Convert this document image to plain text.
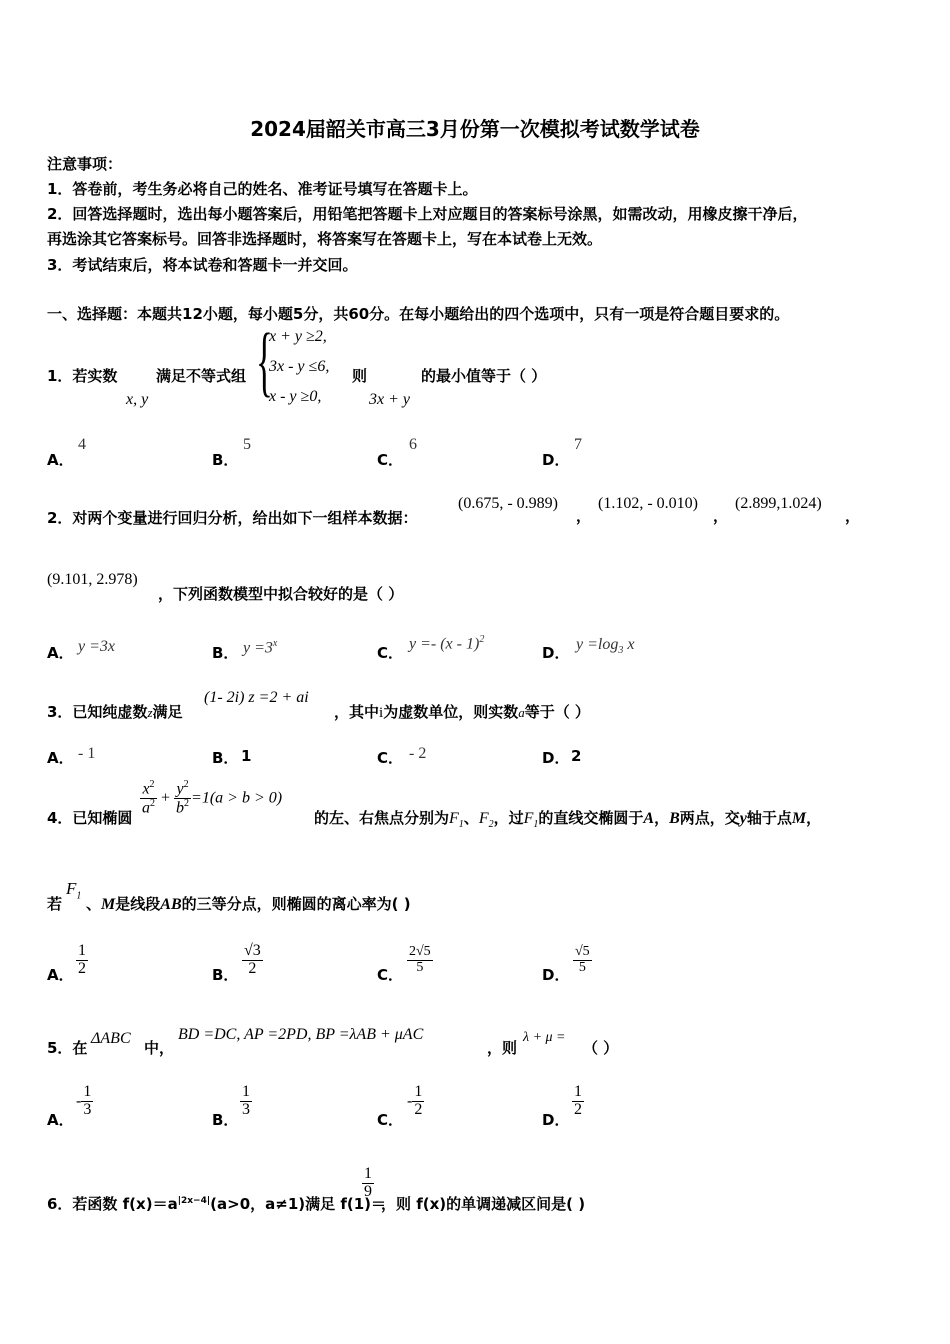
2024届韶关市高三3月份第一次模拟考试数学试卷
注意事项：
1．答卷前，考生务必将自己的姓名、准考证号填写在答题卡上。
2．回答选择题时，选出每小题答案后，用铅笔把答题卡上对应题目的答案标号涂黑，如需改动，用橡皮擦干净后，
再选涂其它答案标号。回答非选择题时，将答案写在答题卡上，写在本试卷上无效。
3．考试结束后，将本试卷和答题卡一并交回。
一、选择题：本题共12小题，每小题5分，共60分。在每小题给出的四个选项中，只有一项是符合题目要求的。
1．若实数
x, y
满足不等式组 {
x + y ≥2,
3x - y ≤6,
x - y ≥0,
则
3x + y
的最小值等于（ ）
A．
4
B．
5
C．
6
D．
7
2．对两个变量进行回归分析，给出如下一组样本数据：
(0.675, - 0.989)
，
(1.102, - 0.010)
，
(2.899,1.024)
，
(9.101, 2.978)
，下列函数模型中拟合较好的是（ ）
A． y =3x	B． $y =3^x$
C．
y =- (x - 1)$^2$
D． $y =\log_3$ x
3．已知纯虚数z满足
(1- 2i) z =2 + ai
，其中i为虚数单位，则实数a等于（ ）
A． - 1	B． 1	C． - 2	D． 2
4．已知椭圆
$\frac{x^2}{a^2} + \frac{y^2}{b^2} =1(a > b > 0)$
的左、右焦点分别为$F_1$、$F_2$，过$F_1$的直线交椭圆于A，B两点，交y轴于点M，
若
$F_1$ 、M是线段AB的三等分点，则椭圆的离心率为( )
A． $\frac{1}{2}$	B． $\frac{√3}{2}$	C． $\frac{2√5}{5}$	D． $\frac{√5}{5}$
5．在
ΔABC
中，
BD =DC, AP =2PD, BP =λAB + μAC
，则
λ + μ =
（ ）
A．
- $\frac{1}{3}$
B．
$\frac{1}{3}$
C．
- $\frac{1}{2}$
D．
$\frac{1}{2}$
6．若函数 $f(x)=a^{|2x-4|}(a>0$，a≠1)满足 f(1)＝
$\frac{1}{9}$
，则 f(x)的单调递减区间是( )
